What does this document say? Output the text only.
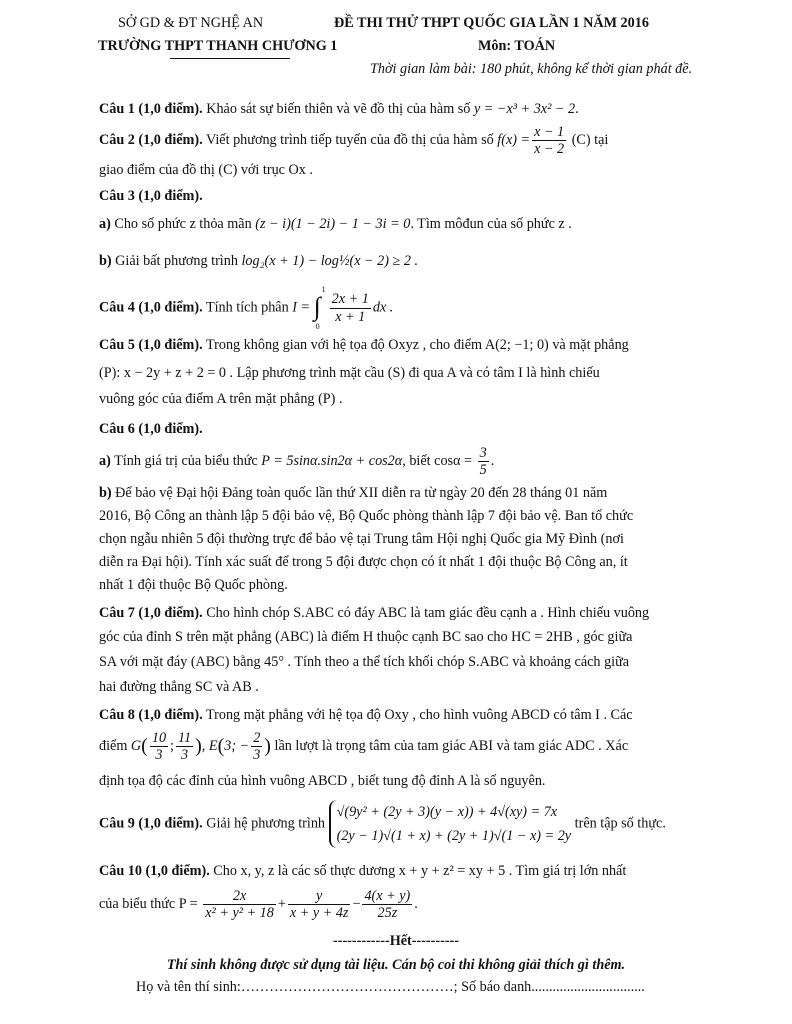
SỞ GD & ĐT NGHỆ AN	ĐỀ THI THỬ THPT QUỐC GIA LẦN 1 NĂM 2016
TRƯỜNG THPT THANH CHƯƠNG 1	Môn: TOÁN
Thời gian làm bài: 180 phút, không kể thời gian phát đề.
Câu 1 (1,0 điểm). Khảo sát sự biến thiên và vẽ đồ thị của hàm số y = −x³ + 3x² − 2.
Câu 2 (1,0 điểm). Viết phương trình tiếp tuyến của đồ thị của hàm số $f(x) = \frac{x - 1}{x - 2} (C)$ tại
giao điểm của đồ thị (C) với trục Ox .
Câu 3 (1,0 điểm).
a) Cho số phức z thỏa mãn (z − i)(1 − 2i) − 1 − 3i = 0. Tìm môđun của số phức z .
b) Giải bất phương trình log₂(x + 1) − log½(x − 2) ≥ 2 .
Câu 4 (1,0 điểm). Tính tích phân I = ∫
1
0
$\frac{2x + 1}{x + 1}$ dx .
Câu 5 (1,0 điểm). Trong không gian với hệ tọa độ Oxyz , cho điểm A(2; −1; 0) và mặt phẳng
(P): x − 2y + z + 2 = 0 . Lập phương trình mặt cầu (S) đi qua A và có tâm I là hình chiếu
vuông góc của điểm A trên mặt phẳng (P) .
Câu 6 (1,0 điểm).
a) Tính giá trị của biểu thức P = 5sinα.sin2α + cos2α, biết $\cos\alpha = \frac{3}{5}$ .
b) Để bảo vệ Đại hội Đảng toàn quốc lần thứ XII diễn ra từ ngày 20 đến 28 tháng 01 năm
2016, Bộ Công an thành lập 5 đội bảo vệ, Bộ Quốc phòng thành lập 7 đội bảo vệ. Ban tổ chức
chọn ngẫu nhiên 5 đội thường trực để bảo vệ tại Trung tâm Hội nghị Quốc gia Mỹ Đình (nơi
diễn ra Đại hội). Tính xác suất để trong 5 đội được chọn có ít nhất 1 đội thuộc Bộ Công an, ít
nhất 1 đội thuộc Bộ Quốc phòng.
Câu 7 (1,0 điểm). Cho hình chóp S.ABC có đáy ABC là tam giác đều cạnh a . Hình chiếu vuông
góc của đỉnh S trên mặt phẳng (ABC) là điểm H thuộc cạnh BC sao cho HC = 2HB , góc giữa
SA với mặt đáy (ABC) bằng 45° . Tính theo a thể tích khối chóp S.ABC và khoảng cách giữa
hai đường thẳng SC và AB .
Câu 8 (1,0 điểm). Trong mặt phẳng với hệ tọa độ Oxy , cho hình vuông ABCD có tâm I . Các
điểm $G( \frac{10}{3}$ ; $\frac{11}{3}$ ), E(3; − $\frac{2}{3}$ ) lần lượt là trọng tâm của tam giác ABI và tam giác ADC . Xác
định tọa độ các đỉnh của hình vuông ABCD , biết tung độ đỉnh A là số nguyên.
Câu 9 (1,0 điểm). Giải hệ phương trình
√(9y² + (2y + 3)(y − x)) + 4√(xy) = 7x
(2y − 1)√(1 + x) + (2y + 1)√(1 − x) = 2y
trên tập số thực.
Câu 10 (1,0 điểm). Cho x, y, z là các số thực dương x + y + z² = xy + 5 . Tìm giá trị lớn nhất
của biểu thức $P = \frac{2x}{\text{x² + y² + 18}} + \frac{y}{x + y + 4z} - \frac{4(x + y)}{25z}$ .
------------Hết----------
Thí sinh không được sử dụng tài liệu. Cán bộ coi thi không giải thích gì thêm.
Họ và tên thí sinh:………………………………………; Số báo danh................................
